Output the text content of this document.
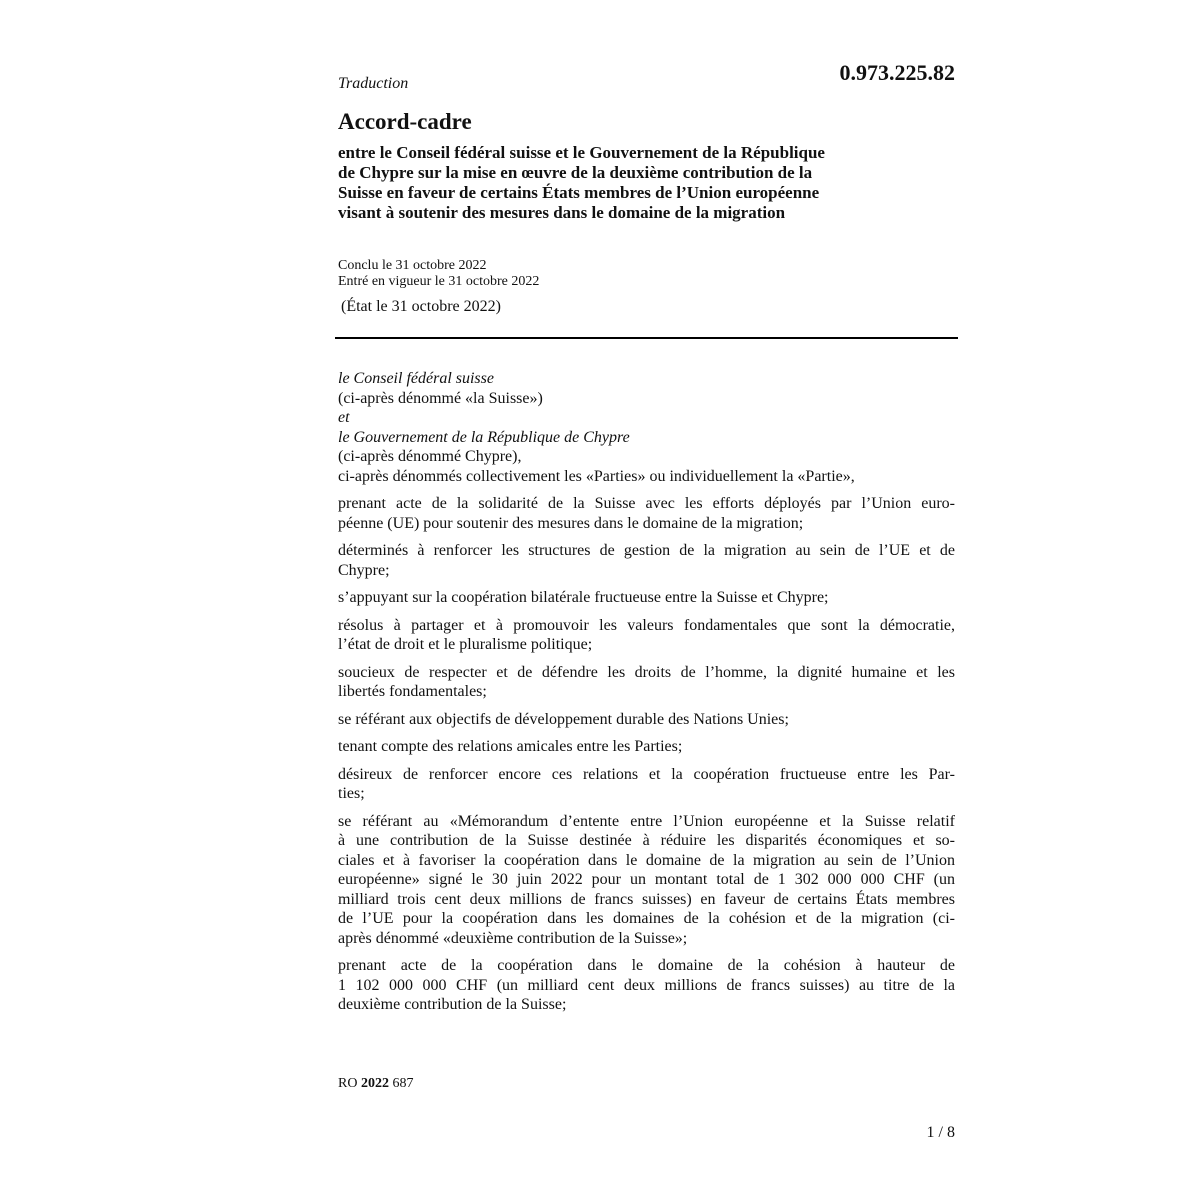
0.973.225.82
Traduction
Accord-cadre
entre le Conseil fédéral suisse et le Gouvernement de la République
de Chypre sur la mise en œuvre de la deuxième contribution de la
Suisse en faveur de certains États membres de l’Union européenne
visant à soutenir des mesures dans le domaine de la migration
Conclu le 31 octobre 2022
Entré en vigueur le 31 octobre 2022
(État le 31 octobre 2022)
le Conseil fédéral suisse
(ci-après dénommé «la Suisse»)
et
le Gouvernement de la République de Chypre
(ci-après dénommé Chypre),
ci-après dénommés collectivement les «Parties» ou individuellement la «Partie»,

prenant acte de la solidarité de la Suisse avec les efforts déployés par l’Union euro-
péenne (UE) pour soutenir des mesures dans le domaine de la migration;

déterminés à renforcer les structures de gestion de la migration au sein de l’UE et de
Chypre;

s’appuyant sur la coopération bilatérale fructueuse entre la Suisse et Chypre;

résolus à partager et à promouvoir les valeurs fondamentales que sont la démocratie,
l’état de droit et le pluralisme politique;

soucieux de respecter et de défendre les droits de l’homme, la dignité humaine et les
libertés fondamentales;

se référant aux objectifs de développement durable des Nations Unies;

tenant compte des relations amicales entre les Parties;

désireux de renforcer encore ces relations et la coopération fructueuse entre les Par-
ties;

se référant au «Mémorandum d’entente entre l’Union européenne et la Suisse relatif
à une contribution de la Suisse destinée à réduire les disparités économiques et so-
ciales et à favoriser la coopération dans le domaine de la migration au sein de l’Union
européenne» signé le 30 juin 2022 pour un montant total de 1 302 000 000 CHF (un
milliard trois cent deux millions de francs suisses) en faveur de certains États membres
de l’UE pour la coopération dans les domaines de la cohésion et de la migration (ci-
après dénommé «deuxième contribution de la Suisse»;

prenant acte de la coopération dans le domaine de la cohésion à hauteur de
1 102 000 000 CHF (un milliard cent deux millions de francs suisses) au titre de la
deuxième contribution de la Suisse;

RO 2022 687
1 / 8
